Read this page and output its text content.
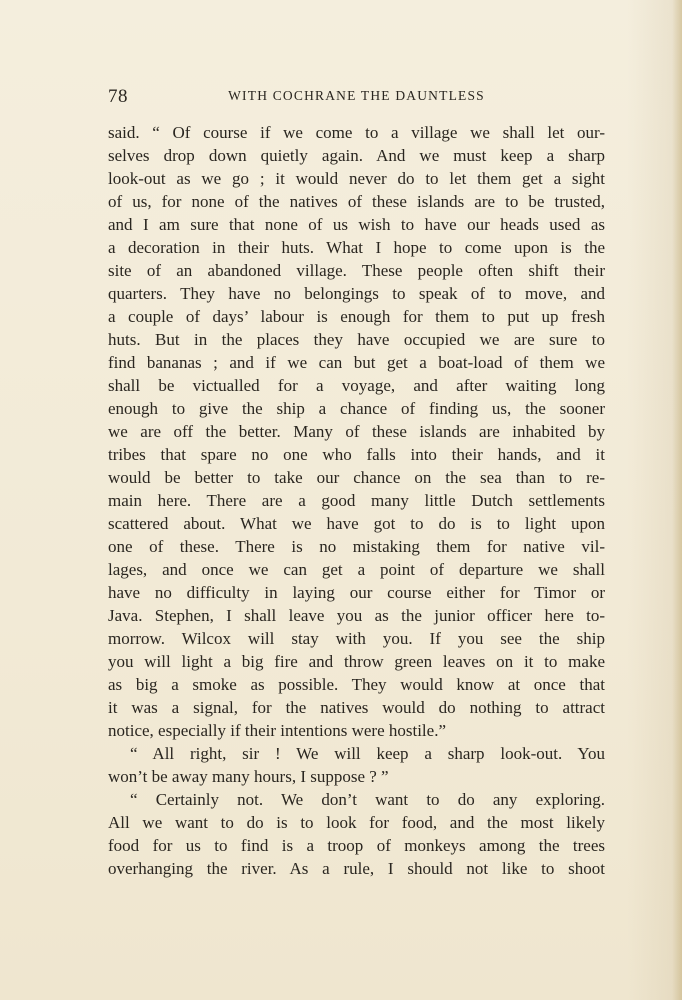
78	WITH COCHRANE THE DAUNTLESS
said. “ Of course if we come to a village we shall let our-
selves drop down quietly again. And we must keep a sharp
look-out as we go ; it would never do to let them get a sight
of us, for none of the natives of these islands are to be trusted,
and I am sure that none of us wish to have our heads used as
a decoration in their huts. What I hope to come upon is the
site of an abandoned village. These people often shift their
quarters. They have no belongings to speak of to move, and
a couple of days’ labour is enough for them to put up fresh
huts. But in the places they have occupied we are sure to
find bananas ; and if we can but get a boat-load of them we
shall be victualled for a voyage, and after waiting long
enough to give the ship a chance of finding us, the sooner
we are off the better. Many of these islands are inhabited by
tribes that spare no one who falls into their hands, and it
would be better to take our chance on the sea than to re-
main here. There are a good many little Dutch settlements
scattered about. What we have got to do is to light upon
one of these. There is no mistaking them for native vil-
lages, and once we can get a point of departure we shall
have no difficulty in laying our course either for Timor or
Java. Stephen, I shall leave you as the junior officer here to-
morrow. Wilcox will stay with you. If you see the ship
you will light a big fire and throw green leaves on it to make
as big a smoke as possible. They would know at once that
it was a signal, for the natives would do nothing to attract
notice, especially if their intentions were hostile.”
“ All right, sir ! We will keep a sharp look-out. You
won’t be away many hours, I suppose ? ”
“ Certainly not. We don’t want to do any exploring.
All we want to do is to look for food, and the most likely
food for us to find is a troop of monkeys among the trees
overhanging the river. As a rule, I should not like to shoot
